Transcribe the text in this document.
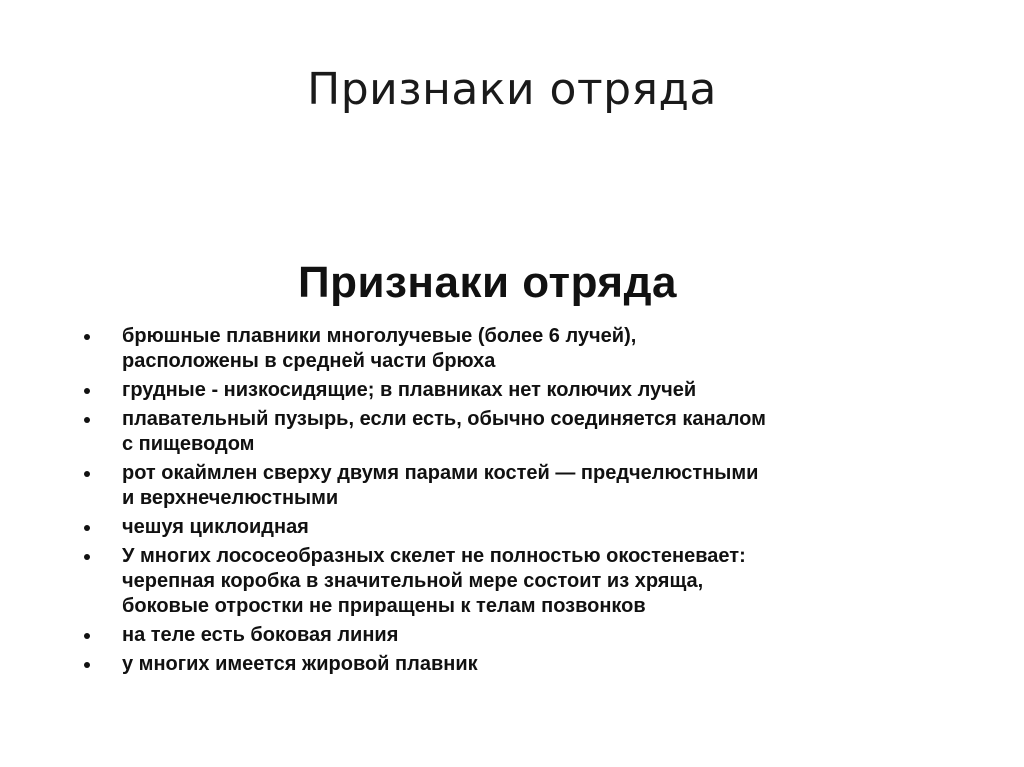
Признаки отряда
Признаки отряда
брюшные плавники многолучевые (более 6 лучей),
расположены в средней части брюха
грудные - низкосидящие; в плавниках нет колючих лучей
плавательный пузырь, если есть, обычно соединяется каналом
с пищеводом
рот окаймлен сверху двумя парами костей — предчелюстными
и верхнечелюстными
чешуя циклоидная
У многих лососеобразных скелет не полностью окостеневает:
черепная коробка в значительной мере состоит из хряща,
боковые отростки не приращены к телам позвонков
на теле есть боковая линия
у многих имеется жировой плавник
